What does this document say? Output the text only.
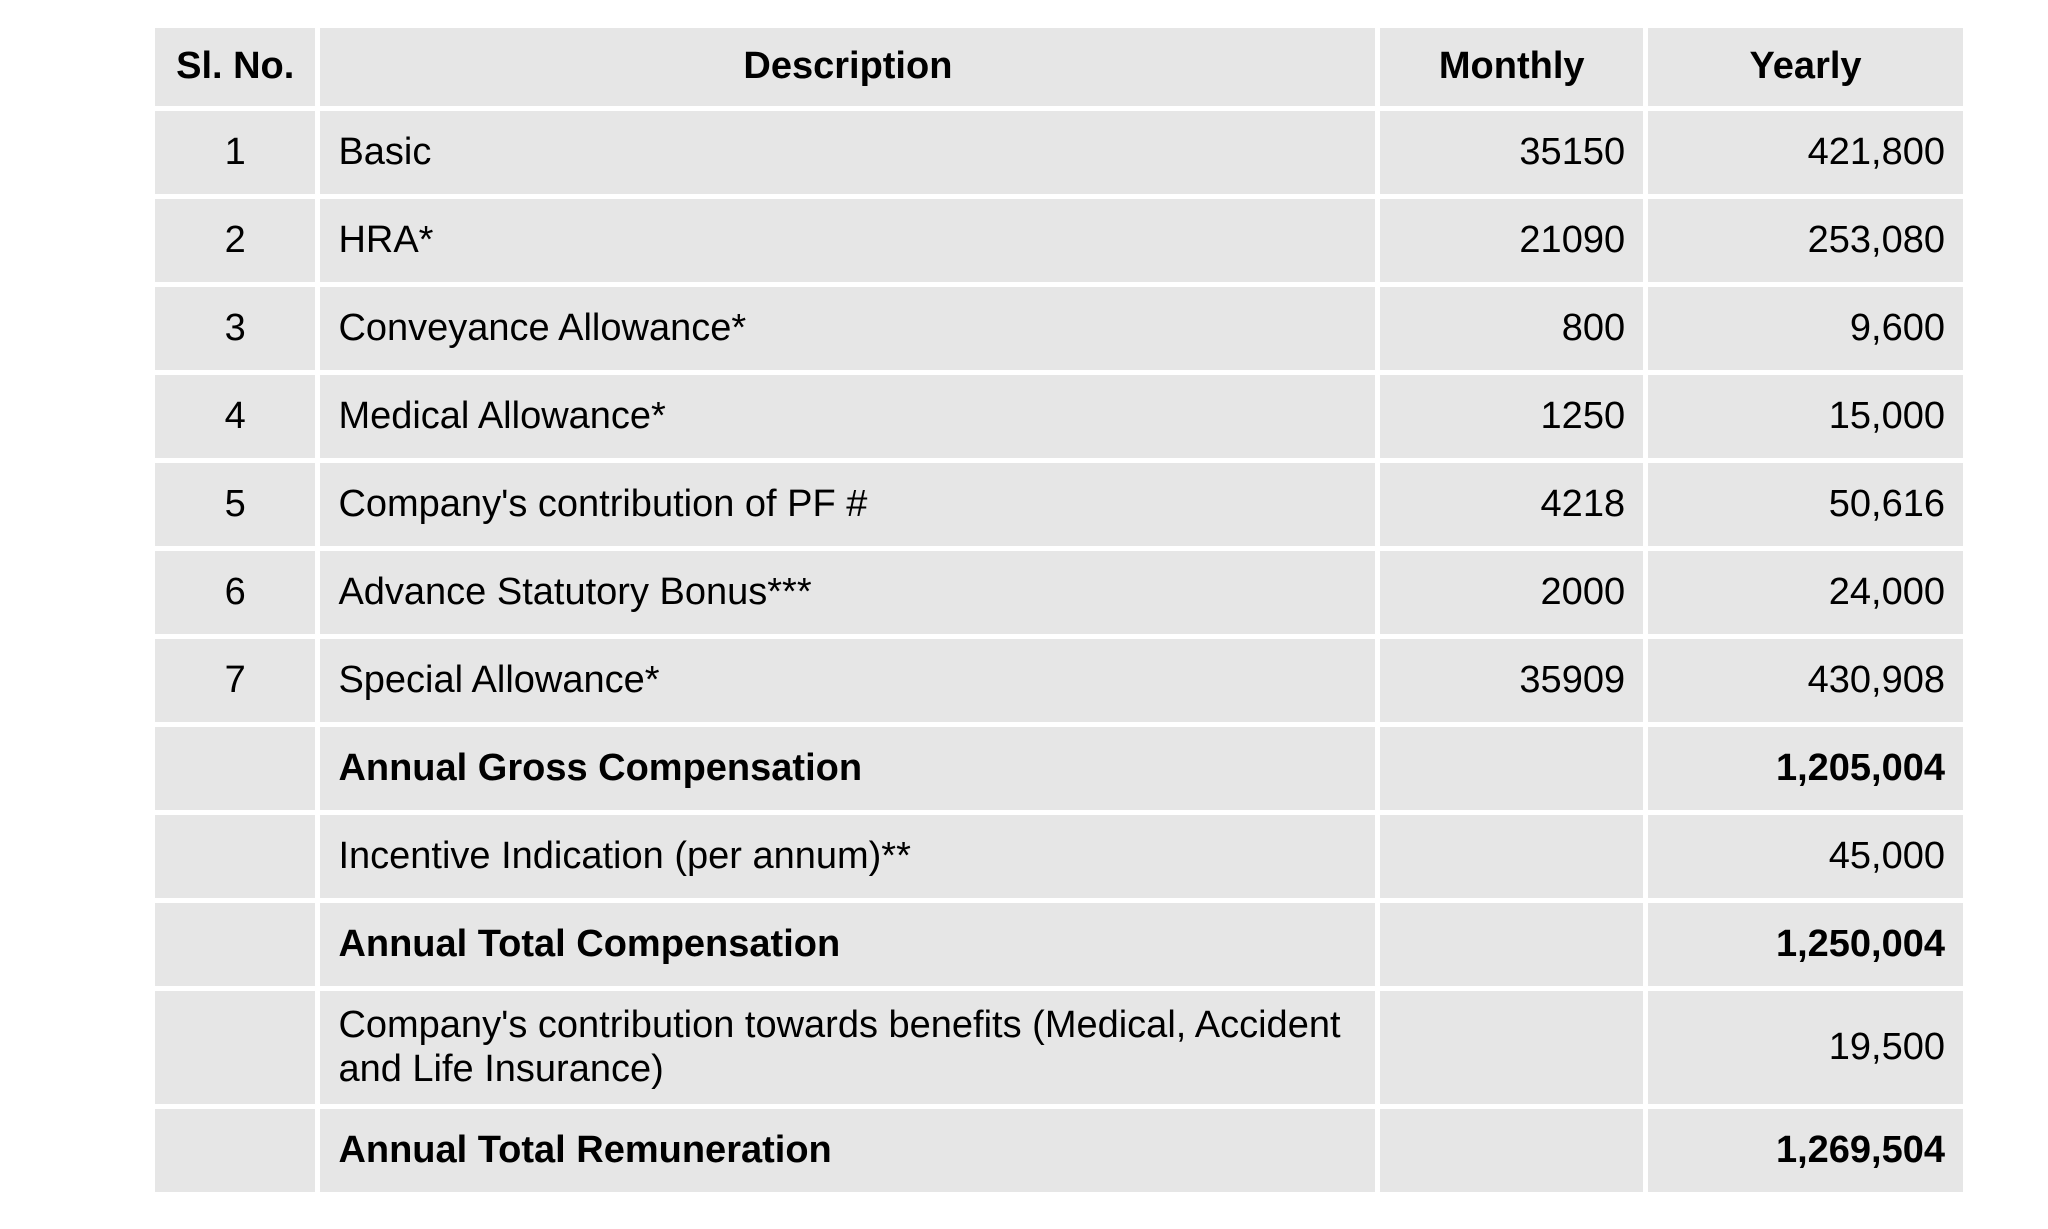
Sl. No.	Description	Monthly	Yearly
1	Basic	35150	421,800
2	HRA*	21090	253,080
3	Conveyance Allowance*	800	9,600
4	Medical Allowance*	1250	15,000
5	Company's contribution of PF #	4218	50,616
6	Advance Statutory Bonus***	2000	24,000
7	Special Allowance*	35909	430,908
	Annual Gross Compensation		1,205,004
	Incentive Indication (per annum)**		45,000
	Annual Total Compensation		1,250,004
	Company's contribution towards benefits (Medical, Accident and Life Insurance)		19,500
	Annual Total Remuneration		1,269,504
